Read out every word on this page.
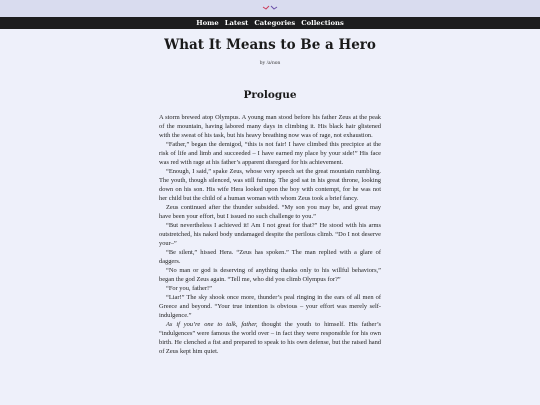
Home Latest Categories Collections
What It Means to Be a Hero
by /a/non
Prologue

A storm brewed atop Olympus. A young man stood before his father Zeus at the peak of the mountain, having labored many days in climbing it. His black hair glistened with the sweat of his task, but his heavy breathing now was of rage, not exhaustion.

“Father,” began the demigod, “this is not fair! I have climbed this precipice at the risk of life and limb and succeeded – I have earned my place by your side!” His face was red with rage at his father’s apparent disregard for his achievement.

“Enough, I said,” spake Zeus, whose very speech set the great mountain rumbling. The youth, though silenced, was still fuming. The god sat in his great throne, looking down on his son. His wife Hera looked upon the boy with contempt, for he was not her child but the child of a human woman with whom Zeus took a brief fancy.

Zeus continued after the thunder subsided. “My son you may be, and great may have been your effort, but I issued no such challenge to you.”

“But nevertheless I achieved it! Am I not great for that?” He stood with his arms outstretched, his naked body undamaged despite the perilous climb. “Do I not deserve your–”

“Be silent,” hissed Hera. “Zeus has spoken.” The man replied with a glare of daggers.

“No man or god is deserving of anything thanks only to his willful behaviors,” began the god Zeus again. “Tell me, who did you climb Olympus for?”

“For you, father!”

“Liar!” The sky shook once more, thunder’s peal ringing in the ears of all men of Greece and beyond. “Your true intention is obvious – your effort was merely self-indulgence.”

As if you’re one to talk, father, thought the youth to himself. His father’s “indulgences” were famous the world over – in fact they were responsible for his own birth. He clenched a fist and prepared to speak to his own defense, but the raised hand of Zeus kept him quiet.
